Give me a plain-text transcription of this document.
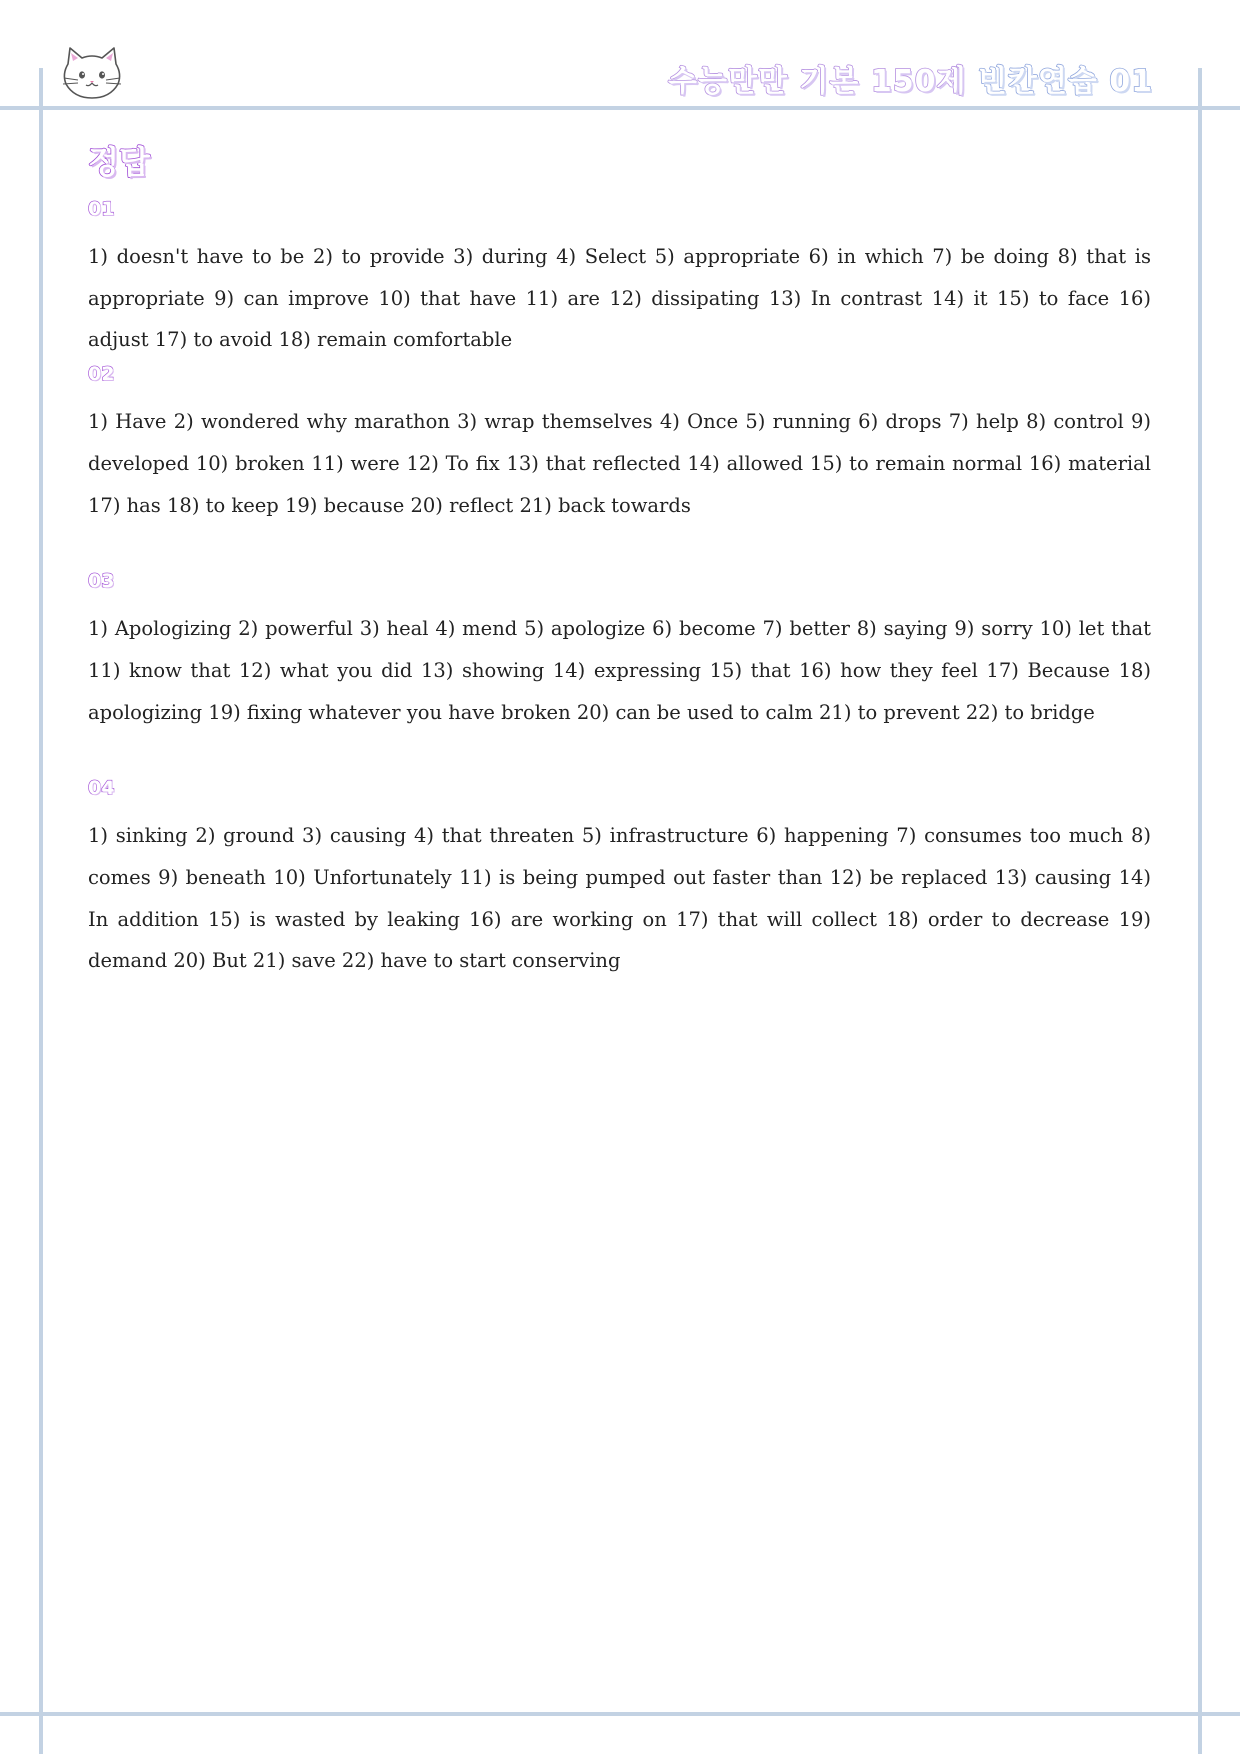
수능만만 기본 150제 빈칸연습 01
정답
01

1) doesn't have to be 2) to provide 3) during 4) Select 5) appropriate 6) in which 7) be doing 8) that is appropriate 9) can improve 10) that have 11) are 12) dissipating 13) In contrast 14) it 15) to face 16) adjust 17) to avoid 18) remain comfortable

02

1) Have 2) wondered why marathon 3) wrap themselves 4) Once 5) running 6) drops 7) help 8) control 9) developed 10) broken 11) were 12) To fix 13) that reflected 14) allowed 15) to remain normal 16) material 17) has 18) to keep 19) because 20) reflect 21) back towards

03

1) Apologizing 2) powerful 3) heal 4) mend 5) apologize 6) become 7) better 8) saying 9) sorry 10) let that 11) know that 12) what you did 13) showing 14) expressing 15) that 16) how they feel 17) Because 18) apologizing 19) fixing whatever you have broken 20) can be used to calm 21) to prevent 22) to bridge

04

1) sinking 2) ground 3) causing 4) that threaten 5) infrastructure 6) happening 7) consumes too much 8) comes 9) beneath 10) Unfortunately 11) is being pumped out faster than 12) be replaced 13) causing 14) In addition 15) is wasted by leaking 16) are working on 17) that will collect 18) order to decrease 19) demand 20) But 21) save 22) have to start conserving
